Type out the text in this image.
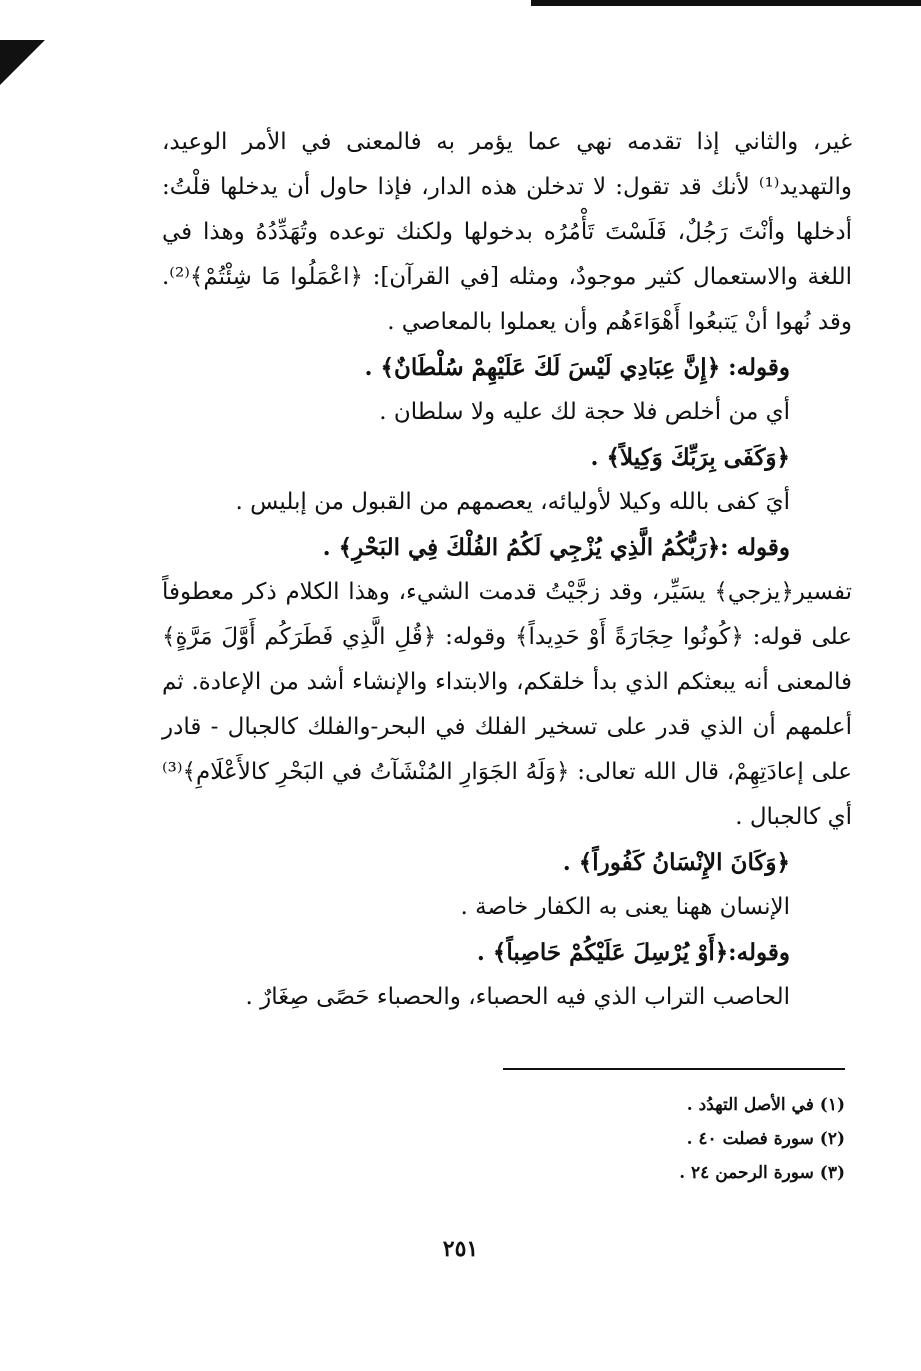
غير، والثاني إذا تقدمه نهي عما يؤمر به فالمعنى في الأمر الوعيد، والتهديد⁽¹⁾ لأنك قد تقول: لا تدخلن هذه الدار، فإذا حاول أن يدخلها قلْتُ: أدخلها وأنْتَ رَجُلٌ، فَلَسْتَ تَأْمُرُه بدخولها ولكنك توعده وتُهَدِّدُهُ وهذا في اللغة والاستعمال كثير موجودٌ، ومثله [في القرآن]: ﴿اعْمَلُوا مَا شِئْتُمْ﴾⁽²⁾. وقد نُهوا أنْ يَتبعُوا أَهْوَاءَهُم وأن يعملوا بالمعاصي .

وقوله: ﴿إِنَّ عِبَادِي لَيْسَ لَكَ عَلَيْهِمْ سُلْطَانٌ﴾ .

أي من أخلص فلا حجة لك عليه ولا سلطان .

﴿وَكَفَى بِرَبِّكَ وَكِيلاً﴾ .

أيَ كفى بالله وكيلا لأوليائه، يعصمهم من القبول من إبليس .

وقوله :﴿رَبُّكُمُ الَّذِي يُزْجِي لَكُمُ الفُلْكَ فِي البَحْرِ﴾ .

تفسير﴿يزجي﴾ يسَيِّر، وقد زجَّيْتُ قدمت الشيء، وهذا الكلام ذكر معطوفاً على قوله: ﴿كُونُوا حِجَارَةً أَوْ حَدِيداً﴾ وقوله: ﴿قُلِ الَّذِي فَطَرَكُم أَوَّلَ مَرَّةٍ﴾ فالمعنى أنه يبعثكم الذي بدأ خلقكم، والابتداء والإنشاء أشد من الإعادة. ثم أعلمهم أن الذي قدر على تسخير الفلك في البحر-والفلك كالجبال - قادر على إعادَتِهِمْ، قال الله تعالى: ﴿وَلَهُ الجَوَارِ المُنْشَآتُ في البَحْرِ كالأَعْلَامِ﴾⁽³⁾ أي كالجبال .

﴿وَكَانَ الإِنْسَانُ كَفُوراً﴾ .

الإنسان ههنا يعنى به الكفار خاصة .

وقوله:﴿أَوْ يُرْسِلَ عَلَيْكُمْ حَاصِباً﴾ .

الحاصب التراب الذي فيه الحصباء، والحصباء حَصًى صِغَارٌ .

(١) في الأصل التهدُد .

(٢) سورة فصلت ٤٠ .

(٣) سورة الرحمن ٢٤ .

٢٥١
